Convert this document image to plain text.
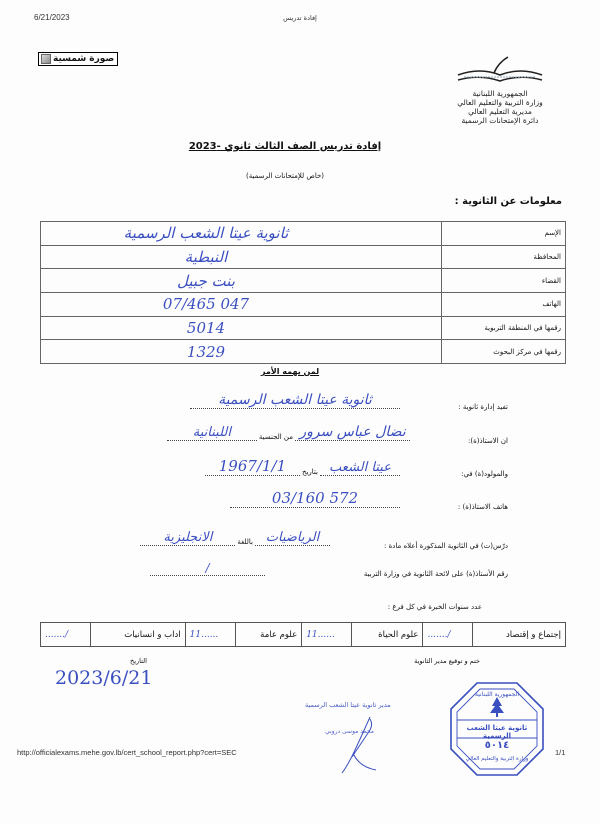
6/21/2023	إفادة تدريس
صورة شمسية
الجمهورية اللبنانية
وزارة التربية والتعليم العالي
مديرية التعليم العالي
دائرة الإمتحانات الرسمية
إفادة تدريس الصف الثالث ثانوي -2023
(خاص للإمتحانات الرسمية)
معلومات عن الثانوية :
ثانوية عيتا الشعب الرسمية	الإسم
النبطية	المحافظة
بنت جبيل	القضاء
07/465 047	الهاتف
5014	رقمها في المنطقة التربوية
1329	رقمها في مركز البحوث
لمن يهمه الأمر
تفيد إدارة ثانوية :
ثانوية عيتا الشعب الرسمية
ان الاستاذ(ة):
نضال عباس سرور
من الجنسية
اللبنانية
والمولود(ة) في:
عيتا الشعب
بتاريخ
1967/1/1
هاتف الاستاذ(ة) :
03/160 572
درّس(ت) في الثانوية المذكورة أعلاه مادة :
الرياضيات
باللغة
الانجليزية
رقم الأستاذ(ة) على لائحة الثانوية في وزارة التربية
/
عدد سنوات الخبرة في كل فرع :
إجتماع و إقتصاد	......./	علوم الحياة	11......	علوم عامة	11......	اداب و انسانيات	......./
ختم و توقيع مدير الثانوية
التاريخ
2023/6/21
مدير ثانوية عيتا الشعب الرسمية
محمد موسى دروبي
الجمهورية اللبنانية
ثانوية عيتا الشعب الرسمية
٥٠١٤
وزارة التربية والتعليم العالي
http://officialexams.mehe.gov.lb/cert_school_report.php?cert=SEC	1/1
